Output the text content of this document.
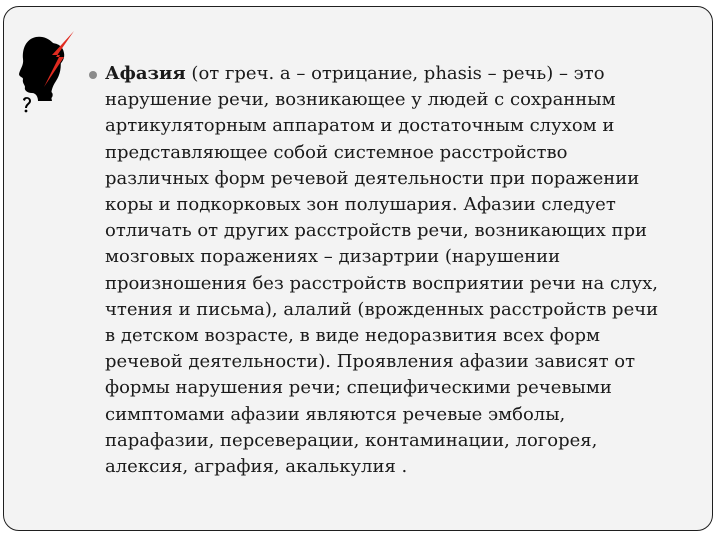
Афазия (от греч. а – отрицание, phasis – речь) – это
нарушение речи, возникающее у людей с сохранным
артикуляторным аппаратом и достаточным слухом и
представляющее собой системное расстройство
различных форм речевой деятельности при поражении
коры и подкорковых зон полушария. Афазии следует
отличать от других расстройств речи, возникающих при
мозговых поражениях – дизартрии (нарушении
произношения без расстройств восприятии речи на слух,
чтения и письма), алалий (врожденных расстройств речи
в детском возрасте, в виде недоразвития всех форм
речевой деятельности). Проявления афазии зависят от
формы нарушения речи; специфическими речевыми
симптомами афазии являются речевые эмболы,
парафазии, персеверации, контаминации, логорея,
алексия, аграфия, акалькулия .
